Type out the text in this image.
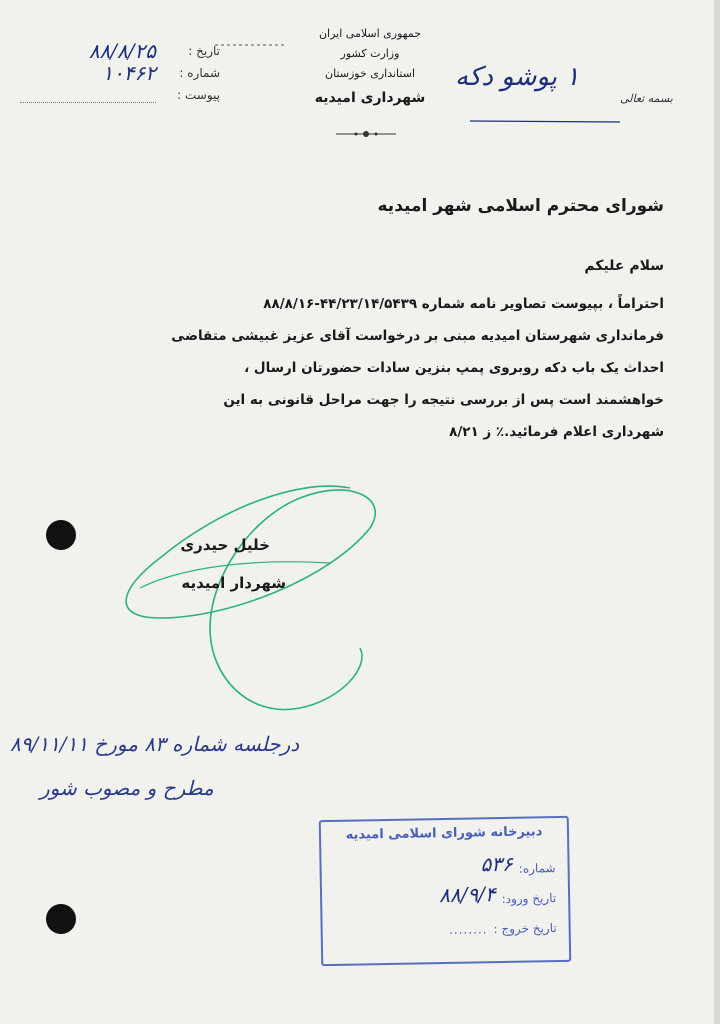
تاریخ :
۸۸/۸/۲۵
شماره :
۱۰۴۶۲
پیوست :
جمهوری اسلامی ایران
وزارت کشور
استانداری خوزستان
شهرداری امیدیه
۱ پوشو دکه
بسمه تعالی
شورای محترم اسلامی شهر امیدیه
سلام علیکم
احتراماً ، بپیوست تصاویر نامه شماره ۴۴/۲۳/۱۴/۵۴۳۹-۸۸/۸/۱۶
فرمانداری شهرستان امیدیه مبنی بر درخواست آقای عزیز غبیشی متقاضی
احداث یک باب دکه روبروی پمپ بنزین سادات حضورتان ارسال ،
خواهشمند است پس از بررسی نتیجه را جهت مراحل قانونی به این
شهرداری اعلام فرمائید.٪ ز ۸/۲۱
خلیل حیدری
شهردار امیدیه
درجلسه شماره ۸۳ مورخ ۸۹/۱۱/۱۱
مطرح و مصوب شور
دبیرخانه شورای اسلامی امیدیه
شماره:
۵۳۶
تاریخ ورود:
۸۸/۹/۴
تاریخ خروج :
........
